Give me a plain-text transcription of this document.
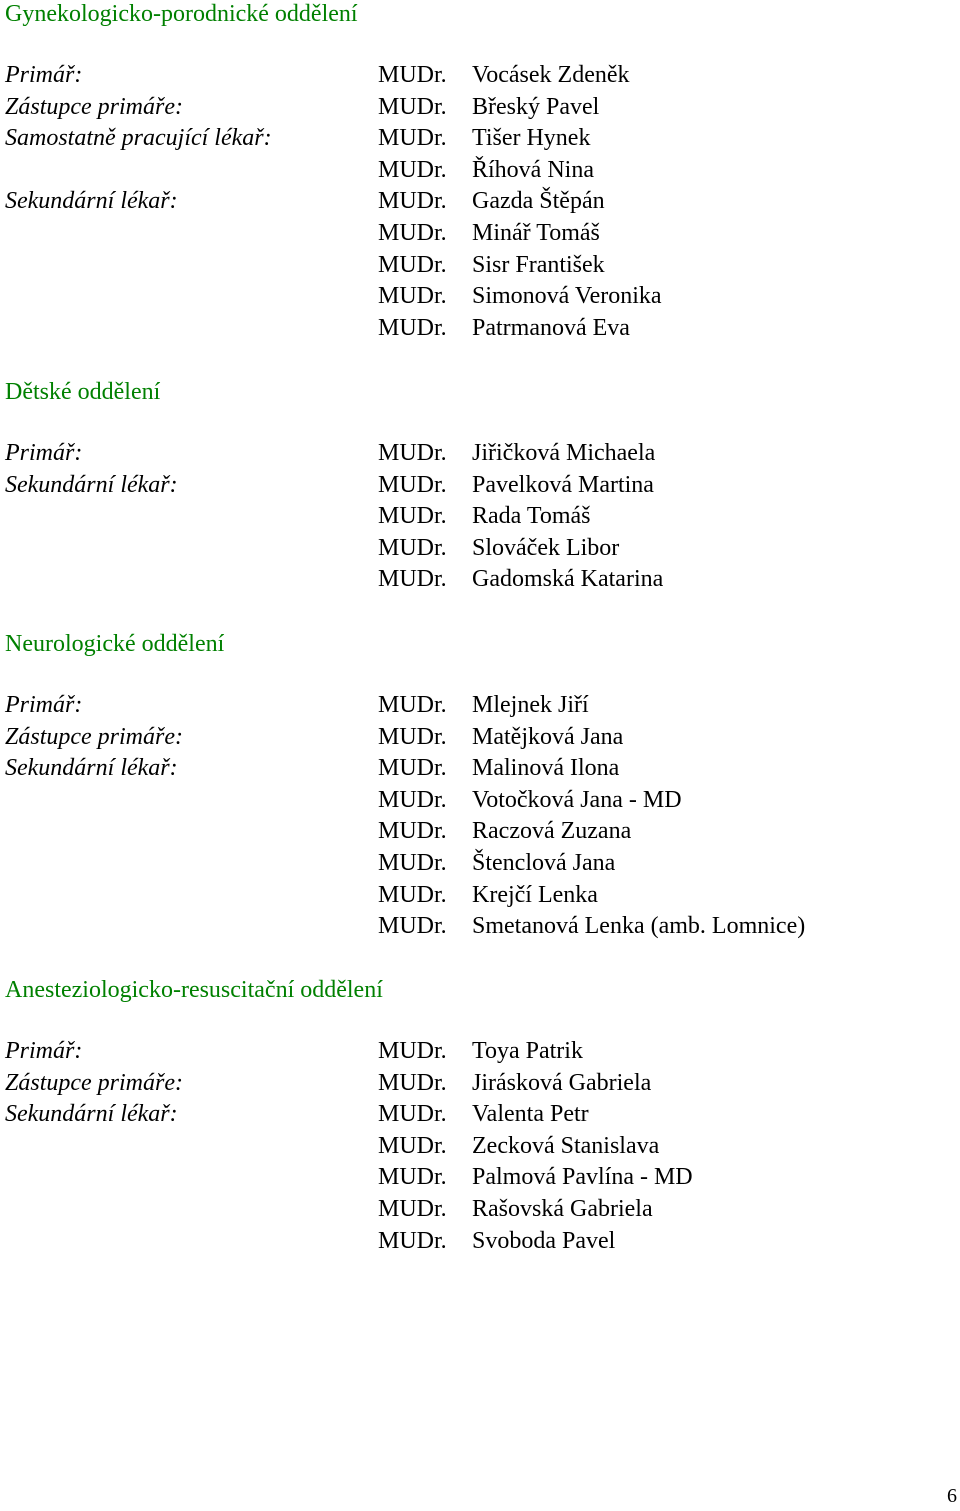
Gynekologicko-porodnické oddělení
Primář:
Zástupce primáře:
Samostatně pracující lékař:
Sekundární lékař:
MUDr. Vocásek Zdeněk
MUDr. Břeský Pavel
MUDr. Tišer Hynek
MUDr. Říhová Nina
MUDr. Gazda Štěpán
MUDr. Minář Tomáš
MUDr. Sisr František
MUDr. Simonová Veronika
MUDr. Patrmanová Eva
Dětské oddělení
Primář:
Sekundární lékař:
MUDr. Jiřičková Michaela
MUDr. Pavelková Martina
MUDr. Rada Tomáš
MUDr. Slováček Libor
MUDr. Gadomská Katarina
Neurologické oddělení
Primář:
Zástupce primáře:
Sekundární lékař:
MUDr. Mlejnek Jiří
MUDr. Matějková Jana
MUDr. Malinová Ilona
MUDr. Votočková Jana - MD
MUDr. Raczová Zuzana
MUDr. Štenclová Jana
MUDr. Krejčí Lenka
MUDr. Smetanová Lenka (amb. Lomnice)
Anesteziologicko-resuscitační oddělení
Primář:
Zástupce primáře:
Sekundární lékař:
MUDr. Toya Patrik
MUDr. Jirásková Gabriela
MUDr. Valenta Petr
MUDr. Zecková Stanislava
MUDr. Palmová Pavlína - MD
MUDr. Rašovská Gabriela
MUDr. Svoboda Pavel
6
